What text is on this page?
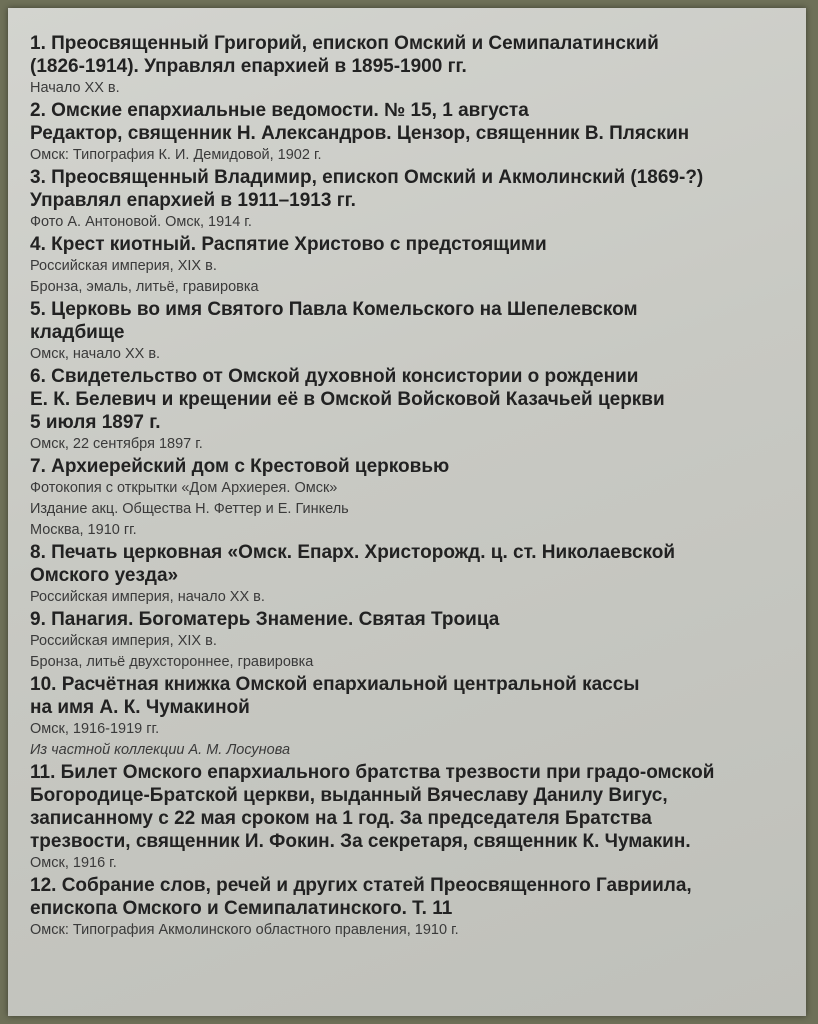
1. Преосвященный Григорий, епископ Омский и Семипалатинский
(1826-1914). Управлял епархией в 1895-1900 гг.
Начало XX в.
2. Омские епархиальные ведомости. № 15, 1 августа
Редактор, священник Н. Александров. Цензор, священник В. Пляскин
Омск: Типография К. И. Демидовой, 1902 г.
3. Преосвященный Владимир, епископ Омский и Акмолинский (1869-?)
Управлял епархией в 1911–1913 гг.
Фото А. Антоновой. Омск, 1914 г.
4. Крест киотный. Распятие Христово с предстоящими
Российская империя, XIX в.
Бронза, эмаль, литьё, гравировка
5. Церковь во имя Святого Павла Комельского на Шепелевском
кладбище
Омск, начало XX в.
6. Свидетельство от Омской духовной консистории о рождении
Е. К. Белевич и крещении её в Омской Войсковой Казачьей церкви
5 июля 1897 г.
Омск, 22 сентября 1897 г.
7. Архиерейский дом с Крестовой церковью
Фотокопия с открытки «Дом Архиерея. Омск»
Издание акц. Общества Н. Феттер и Е. Гинкель
Москва, 1910 гг.
8. Печать церковная «Омск. Епарх. Христорожд. ц. ст. Николаевской
Омского уезда»
Российская империя, начало XX в.
9. Панагия. Богоматерь Знамение. Святая Троица
Российская империя, XIX в.
Бронза, литьё двухстороннее, гравировка
10. Расчётная книжка Омской епархиальной центральной кассы
на имя А. К. Чумакиной
Омск, 1916-1919 гг.
Из частной коллекции А. М. Лосунова
11. Билет Омского епархиального братства трезвости при градо-омской
Богородице-Братской церкви, выданный Вячеславу Данилу Вигус,
записанному с 22 мая сроком на 1 год. За председателя Братства
трезвости, священник И. Фокин. За секретаря, священник К. Чумакин.
Омск, 1916 г.
12. Собрание слов, речей и других статей Преосвященного Гавриила,
епископа Омского и Семипалатинского. Т. 11
Омск: Типография Акмолинского областного правления, 1910 г.
